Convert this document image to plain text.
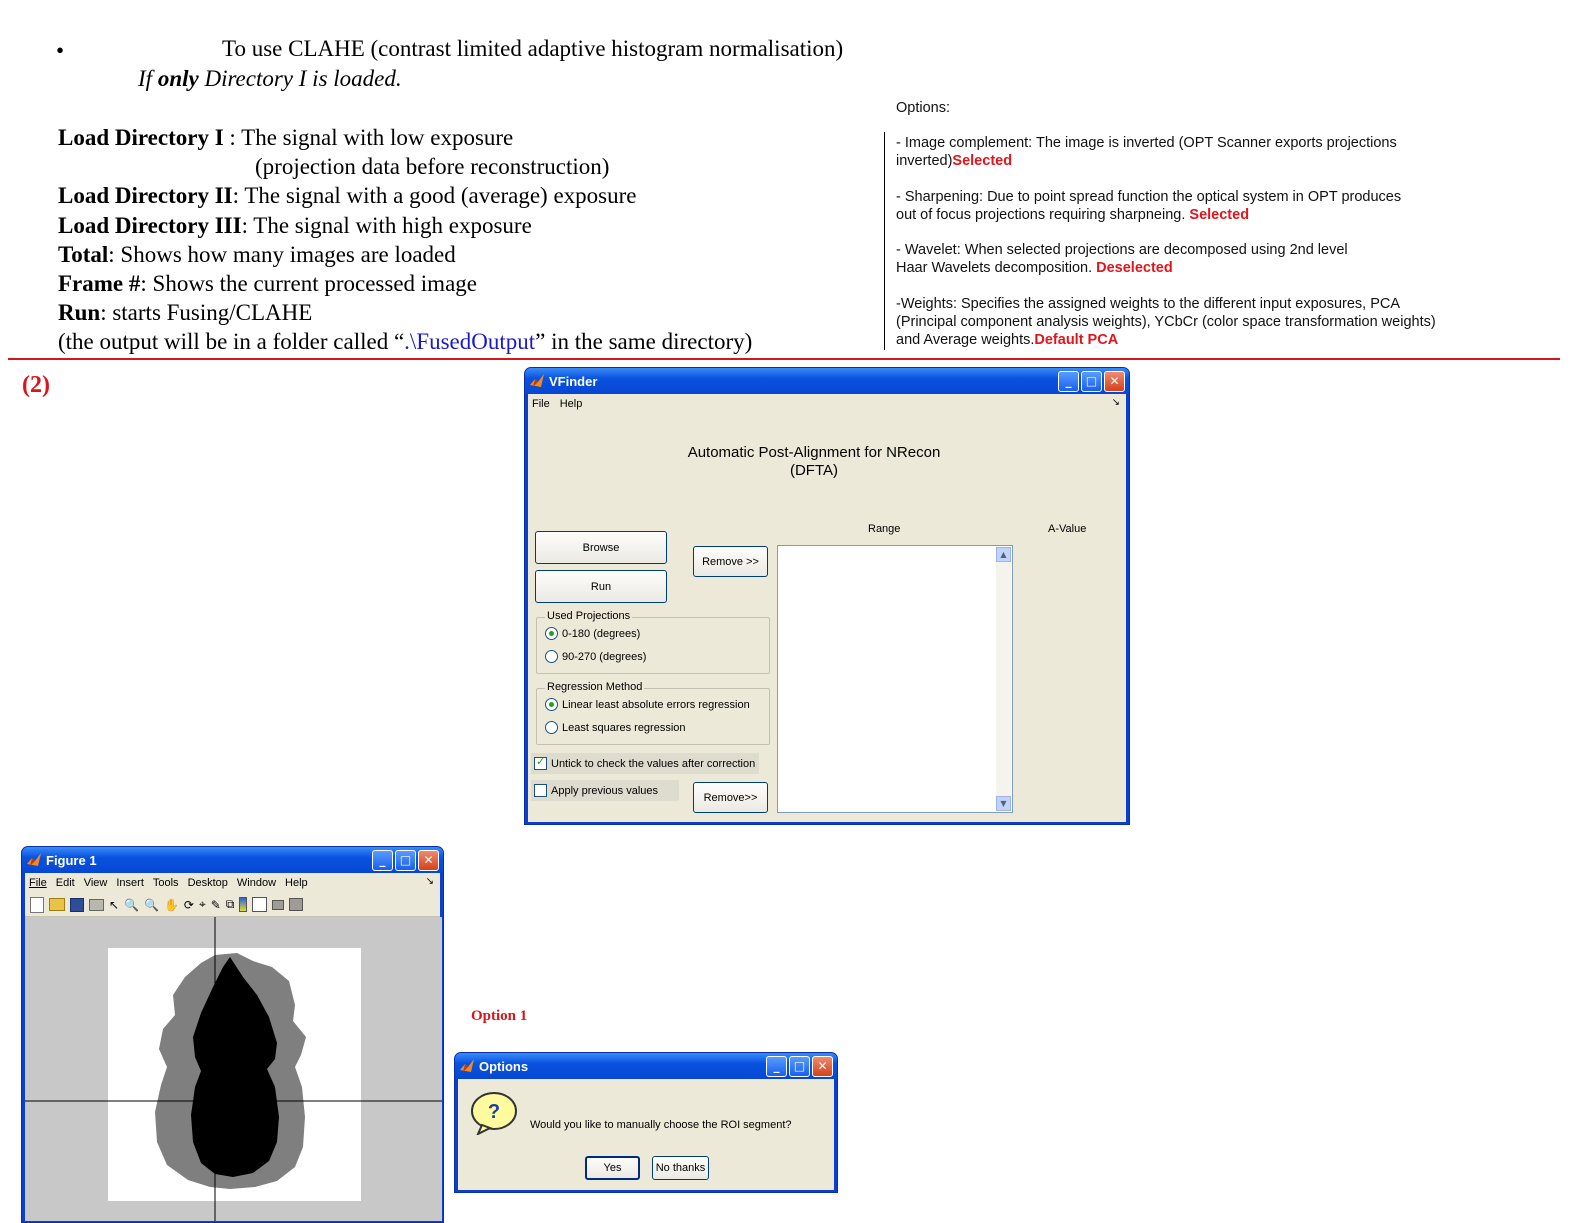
•	To use CLAHE (contrast limited adaptive histogram normalisation)
If only Directory I is loaded.
Load Directory I : The signal with low exposure
(projection data before reconstruction)
Load Directory II: The signal with a good (average) exposure
Load Directory III: The signal with high exposure
Total: Shows how many images are loaded
Frame #: Shows the current processed image
Run: starts Fusing/CLAHE
(the output will be in a folder called “.\FusedOutput” in the same directory)
Options:
- Image complement: The image is inverted (OPT Scanner exports projections
inverted)Selected
- Sharpening: Due to point spread function the optical system in OPT produces
out of focus projections requiring sharpneing. Selected
- Wavelet: When selected projections are decomposed using 2nd level
Haar Wavelets decomposition. Deselected
-Weights: Specifies the assigned weights to the different input exposures, PCA
(Principal component analysis weights), YCbCr (color space transformation weights)
and Average weights.Default PCA
(2)	VFinder	_	□	✕
File Help	↘
Automatic Post-Alignment for NRecon
(DFTA)
Range	A-Value
Browse
Run
Remove >>
Remove>>
▲
▼
Used Projections
0-180 (degrees)
90-270 (degrees)
Regression Method
Linear least absolute errors regression
Least squares regression
✓
Untick to check the values after correction
Apply previous values
Figure 1	_	□	✕
File Edit View Insert Tools Desktop Window Help	↘
↖ 🔍 🔍 ✋ ⟳ ⌖ ✎ ⧉
Option 1
Options	_	□	✕
?
Would you like to manually choose the ROI segment?
Yes	No thanks
